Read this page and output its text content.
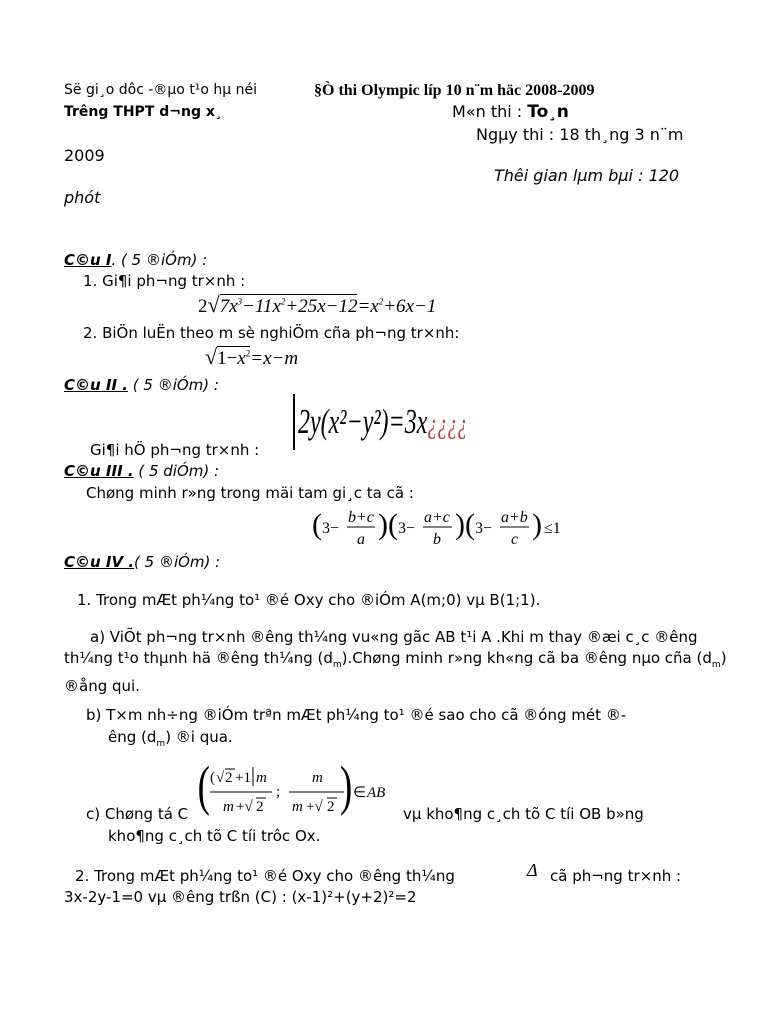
Së gi¸o dôc -®µo t¹o hµ néi
Trêng THPT d¬ng x¸
§Ò thi Olympic líp 10 n¨m häc 2008-2009
M«n thi : To¸n
Ngµy thi : 18 th¸ng 3 n¨m
2009
Thêi gian lµm bµi : 120
phót
C©u I. ( 5 ®iÓm) :
1. Gi¶i ph¬ng tr×nh :
$2√7x^3-11x^2+25x-12=x^2+6x-1$
2. BiÖn luËn theo m sè nghiÖm cña ph¬ng tr×nh:
$√1-x^2=x-m$
C©u II . ( 5 ®iÓm) :
2y(x²−y²)=3x¿¿¿¿
Gi¶i hÖ ph¬ng tr×nh :
C©u III . ( 5 diÓm) :
Chøng minh r»ng trong mäi tam gi¸c ta cã :
( 3−
b+c
a )( 3−
a+c
b )( 3−
a+b
c ) ≤1
C©u IV .( 5 ®iÓm) :
1. Trong mÆt ph¼ng to¹ ®é Oxy cho ®iÓm A(m;0) vµ B(1;1).
a) ViÕt ph¬ng tr×nh ®êng th¼ng vu«ng gãc AB t¹i A .Khi m thay ®æi c¸c ®êng th¼ng t¹o thµnh hä ®êng th¼ng $(d_m).Chøng$ minh r»ng kh«ng cã ba ®êng nµo cña $(d_m)$ ®ång qui.
b) T×m nh÷ng ®iÓm trªn mÆt ph¼ng to¹ ®é sao cho cã ®óng mét ®-
êng $(d_m)$ ®i qua.
( ( √ 2 +1 m
m +√ 2
;
m
m +√ 2 ) ∈ AB
c) Chøng tá C	vµ kho¶ng c¸ch tõ C tíi OB b»ng
kho¶ng c¸ch tõ C tíi trôc Ox.
2. Trong mÆt ph¼ng to¹ ®é Oxy cho ®êng th¼ng	Δ cã ph¬ng tr×nh :
3x-2y-1=0 vµ ®êng trßn (C) : (x-1)²+(y+2)²=2
